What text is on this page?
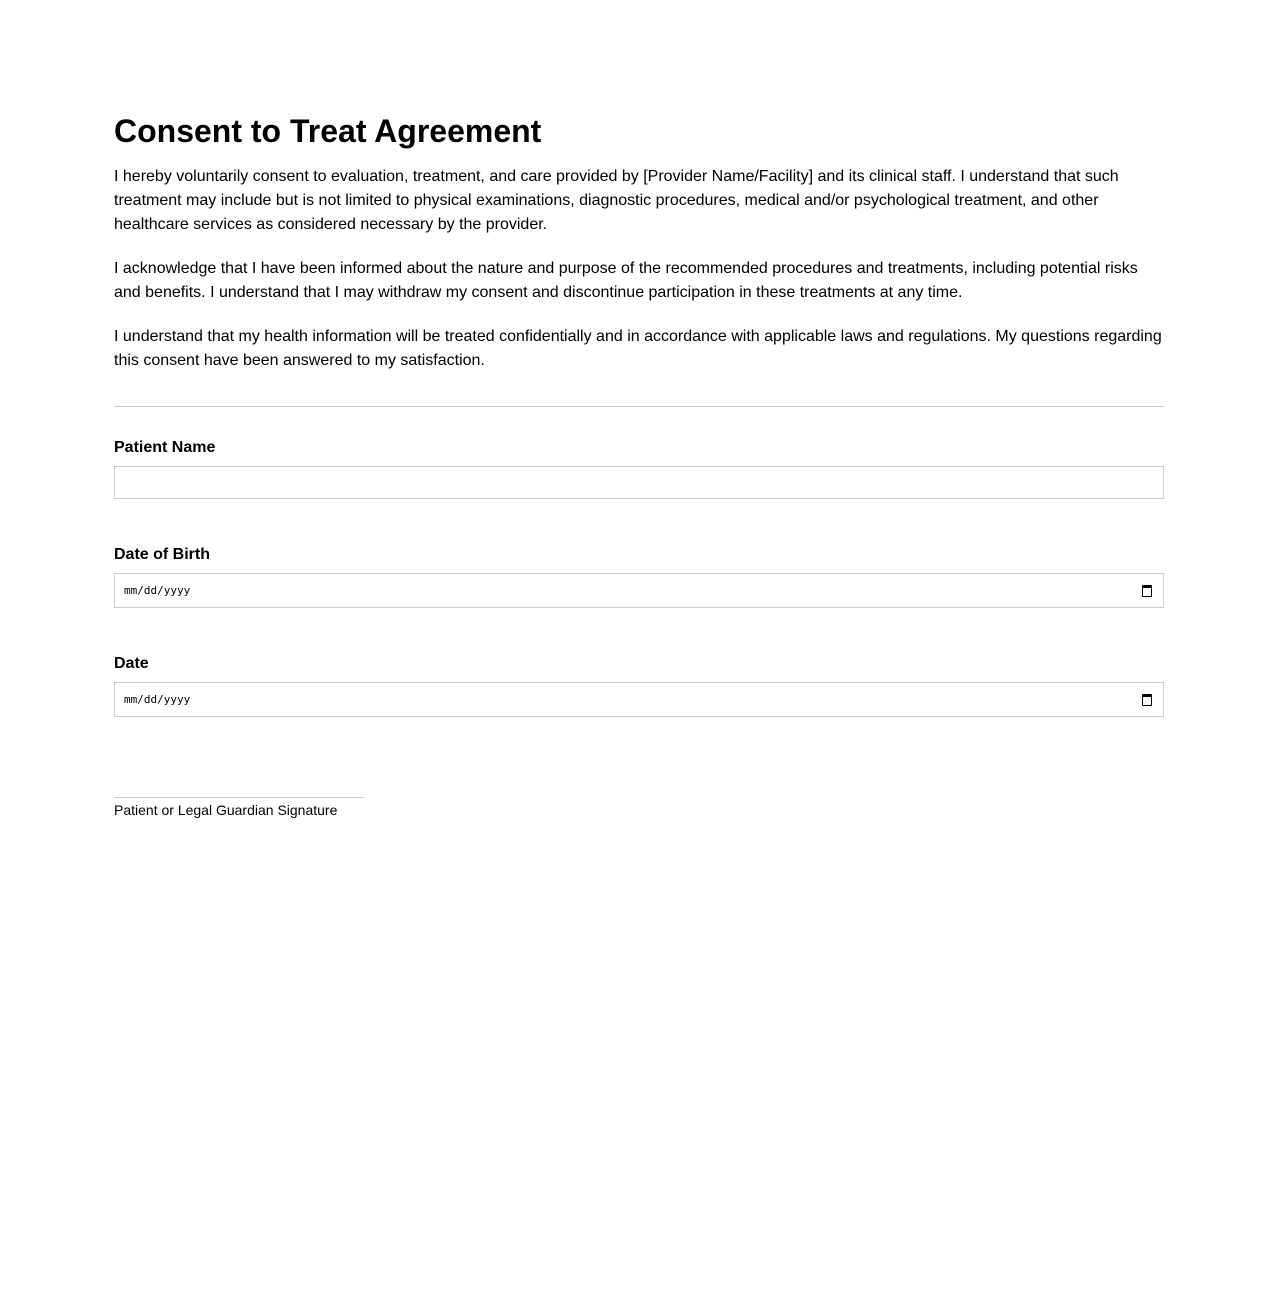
Consent to Treat Agreement

I hereby voluntarily consent to evaluation, treatment, and care provided by [Provider Name/Facility] and its clinical staff. I understand that such treatment may include but is not limited to physical examinations, diagnostic procedures, medical and/or psychological treatment, and other healthcare services as considered necessary by the provider.

I acknowledge that I have been informed about the nature and purpose of the recommended procedures and treatments, including potential risks and benefits. I understand that I may withdraw my consent and discontinue participation in these treatments at any time.

I understand that my health information will be treated confidentially and in accordance with applicable laws and regulations. My questions regarding this consent have been answered to my satisfaction.

Patient Name
Date of Birth
mm/dd/yyyy
Date
mm/dd/yyyy
Patient or Legal Guardian Signature
